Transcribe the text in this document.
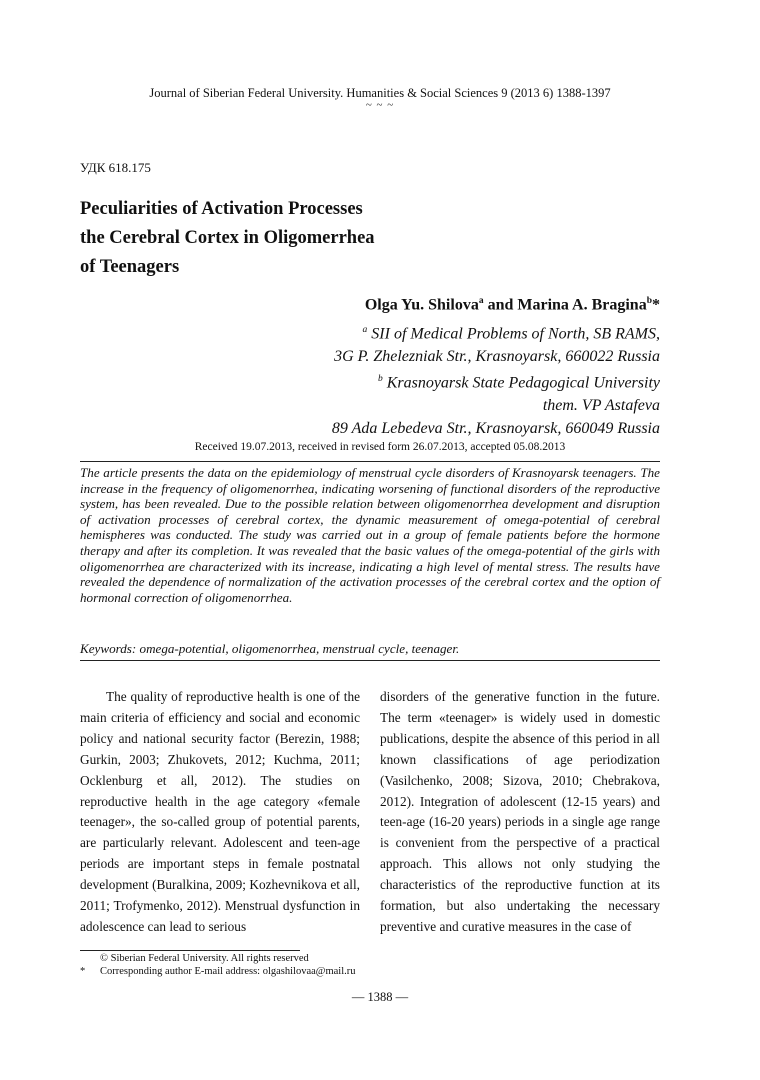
Journal of Siberian Federal University. Humanities & Social Sciences 9 (2013 6) 1388-1397
~ ~ ~
УДК 618.175
Peculiarities of Activation Processes
the Cerebral Cortex in Oligomerrhea
of Teenagers
Olga Yu. Shilova$^a$ and Marina A. Bragina$^b$*
$^a$ SII of Medical Problems of North, SB RAMS,
3G P. Zhelezniak Str., Krasnoyarsk, 660022 Russia
$^b$ Krasnoyarsk State Pedagogical University
them. VP Astafeva
89 Ada Lebedeva Str., Krasnoyarsk, 660049 Russia
Received 19.07.2013, received in revised form 26.07.2013, accepted 05.08.2013
The article presents the data on the epidemiology of menstrual cycle disorders of Krasnoyarsk teenagers. The increase in the frequency of oligomenorrhea, indicating worsening of functional disorders of the reproductive system, has been revealed. Due to the possible relation between oligomenorrhea development and disruption of activation processes of cerebral cortex, the dynamic measurement of omega-potential of cerebral hemispheres was conducted. The study was carried out in a group of female patients before the hormone therapy and after its completion. It was revealed that the basic values of the omega-potential of the girls with oligomenorrhea are characterized with its increase, indicating a high level of mental stress. The results have revealed the dependence of normalization of the activation processes of the cerebral cortex and the option of hormonal correction of oligomenorrhea.
Keywords: omega-potential, oligomenorrhea, menstrual cycle, teenager.
The quality of reproductive health is one of the main criteria of efficiency and social and economic policy and national security factor (Berezin, 1988; Gurkin, 2003; Zhukovets, 2012; Kuchma, 2011; Ocklenburg et all, 2012). The studies on reproductive health in the age category «female teenager», the so-called group of potential parents, are particularly relevant. Adolescent and teen-age periods are important steps in female postnatal development (Buralkina, 2009; Kozhevnikova et all, 2011; Trofymenko, 2012). Menstrual dysfunction in adolescence can lead to serious
disorders of the generative function in the future. The term «teenager» is widely used in domestic publications, despite the absence of this period in all known classifications of age periodization (Vasilchenko, 2008; Sizova, 2010; Chebrakova, 2012). Integration of adolescent (12-15 years) and teen-age (16-20 years) periods in a single age range is convenient from the perspective of a practical approach. This allows not only studying the characteristics of the reproductive function at its formation, but also undertaking the necessary preventive and curative measures in the case of
© Siberian Federal University. All rights reserved
* Corresponding author E-mail address: olgashilovaa@mail.ru
— 1388 —
